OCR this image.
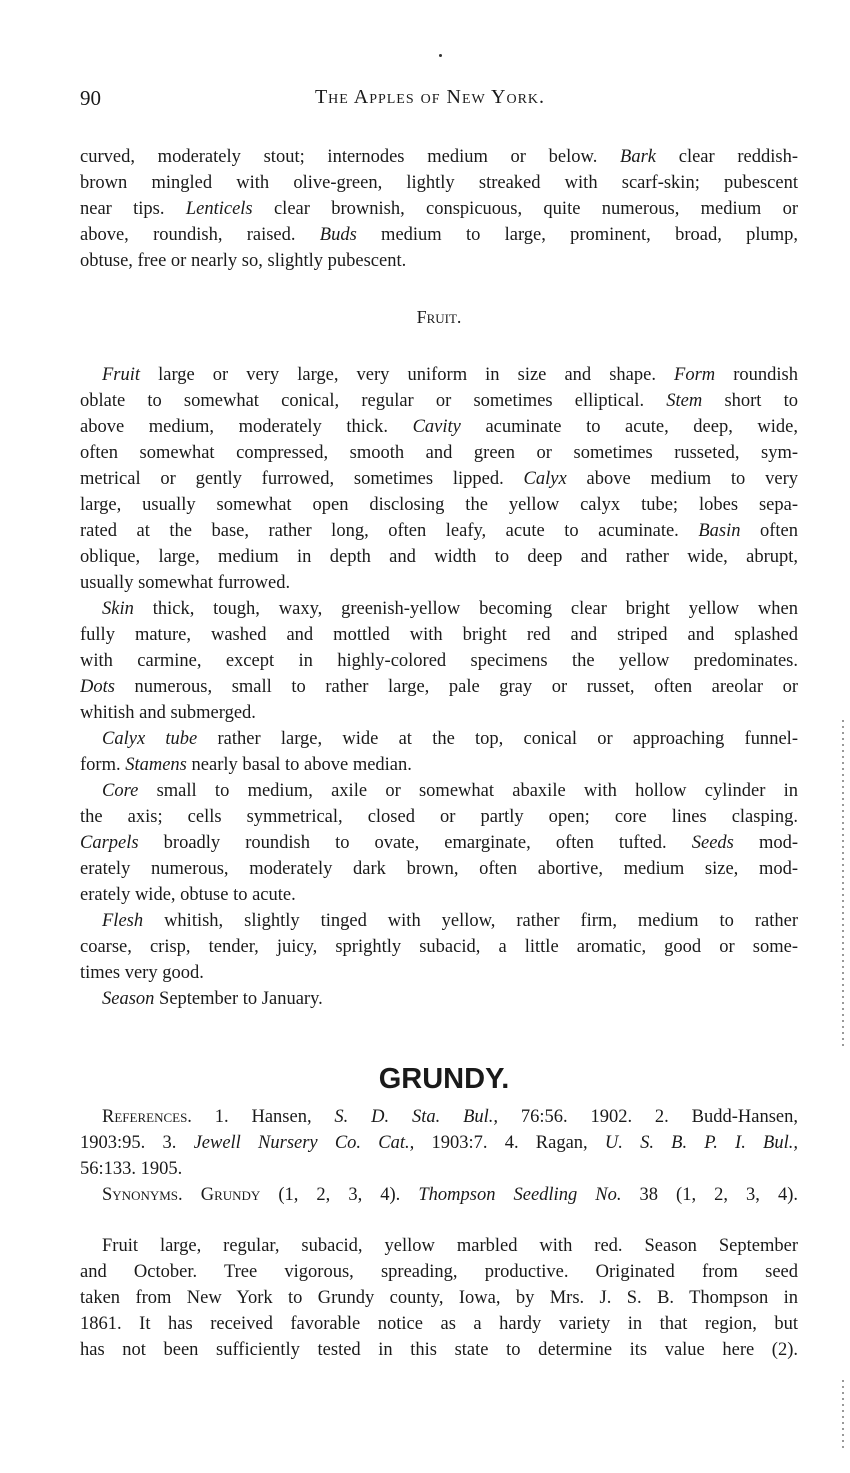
90	The Apples of New York.
curved, moderately stout; internodes medium or below. Bark clear reddish-
brown mingled with olive-green, lightly streaked with scarf-skin; pubescent
near tips. Lenticels clear brownish, conspicuous, quite numerous, medium or
above, roundish, raised. Buds medium to large, prominent, broad, plump,
obtuse, free or nearly so, slightly pubescent.
Fruit.
Fruit large or very large, very uniform in size and shape. Form roundish
oblate to somewhat conical, regular or sometimes elliptical. Stem short to
above medium, moderately thick. Cavity acuminate to acute, deep, wide,
often somewhat compressed, smooth and green or sometimes russeted, sym-
metrical or gently furrowed, sometimes lipped. Calyx above medium to very
large, usually somewhat open disclosing the yellow calyx tube; lobes sepa-
rated at the base, rather long, often leafy, acute to acuminate. Basin often
oblique, large, medium in depth and width to deep and rather wide, abrupt,
usually somewhat furrowed.
Skin thick, tough, waxy, greenish-yellow becoming clear bright yellow when
fully mature, washed and mottled with bright red and striped and splashed
with carmine, except in highly-colored specimens the yellow predominates.
Dots numerous, small to rather large, pale gray or russet, often areolar or
whitish and submerged.
Calyx tube rather large, wide at the top, conical or approaching funnel-
form. Stamens nearly basal to above median.
Core small to medium, axile or somewhat abaxile with hollow cylinder in
the axis; cells symmetrical, closed or partly open; core lines clasping.
Carpels broadly roundish to ovate, emarginate, often tufted. Seeds mod-
erately numerous, moderately dark brown, often abortive, medium size, mod-
erately wide, obtuse to acute.
Flesh whitish, slightly tinged with yellow, rather firm, medium to rather
coarse, crisp, tender, juicy, sprightly subacid, a little aromatic, good or some-
times very good.
Season September to January.
GRUNDY.
References. 1. Hansen, S. D. Sta. Bul., 76:56. 1902. 2. Budd-Hansen,
1903:95. 3. Jewell Nursery Co. Cat., 1903:7. 4. Ragan, U. S. B. P. I. Bul.,
56:133. 1905.
Synonyms. Grundy (1, 2, 3, 4). Thompson Seedling No. 38 (1, 2, 3, 4).
Fruit large, regular, subacid, yellow marbled with red. Season September
and October. Tree vigorous, spreading, productive. Originated from seed
taken from New York to Grundy county, Iowa, by Mrs. J. S. B. Thompson in
1861. It has received favorable notice as a hardy variety in that region, but
has not been sufficiently tested in this state to determine its value here (2).
